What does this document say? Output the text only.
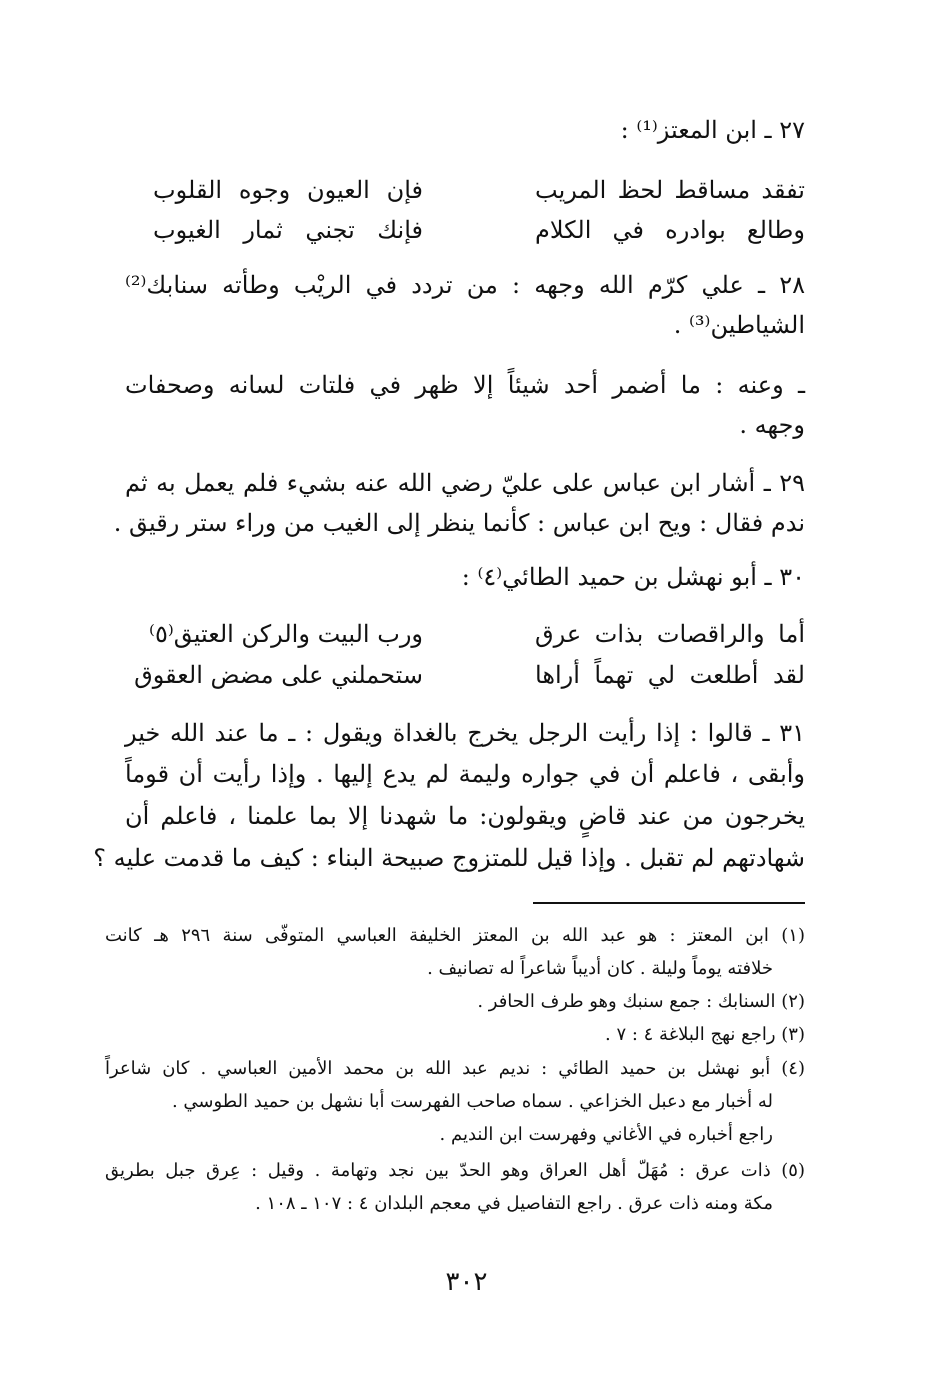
٢٧ ـ ابن المعتز⁽¹⁾ :
تفقد مساقط لحظ المريب
فإن العيون وجوه القلوب
وطالع بوادره في الكلام
فإنك تجني ثمار الغيوب
٢٨ ـ علي كرّم الله وجهه : من تردد في الريْب وطأته سنابك⁽²⁾
الشياطين⁽³⁾ .
ـ وعنه : ما أضمر أحد شيئاً إلا ظهر في فلتات لسانه وصحفات
وجهه .
٢٩ ـ أشار ابن عباس على عليّ رضي الله عنه بشيء فلم يعمل به ثم
ندم فقال : ويح ابن عباس : كأنما ينظر إلى الغيب من وراء ستر رقيق .
٣٠ ـ أبو نهشل بن حميد الطائي⁽٤⁾ :
أما والراقصات بذات عرق
ورب البيت والركن العتيق⁽٥⁾
لقد أطلعت لي تهماً أراها
ستحملني على مضض العقوق
٣١ ـ قالوا : إذا رأيت الرجل يخرج بالغداة ويقول : ـ ما عند الله خير
وأبقى ، فاعلم أن في جواره وليمة لم يدع إليها . وإذا رأيت أن قوماً
يخرجون من عند قاضٍ ويقولون: ما شهدنا إلا بما علمنا ، فاعلم أن
شهادتهم لم تقبل . وإذا قيل للمتزوج صبيحة البناء : كيف ما قدمت عليه ؟
(١) ابن المعتز : هو عبد الله بن المعتز الخليفة العباسي المتوفّى سنة ٢٩٦ هـ كانت
خلافته يوماً وليلة . كان أديباً شاعراً له تصانيف .
(٢) السنابك : جمع سنبك وهو طرف الحافر .
(٣) راجع نهج البلاغة ٤ : ٧ .
(٤) أبو نهشل بن حميد الطائي : نديم عبد الله بن محمد الأمين العباسي . كان شاعراً
له أخبار مع دعبل الخزاعي . سماه صاحب الفهرست أبا نشهل بن حميد الطوسي .
راجع أخباره في الأغاني وفهرست ابن النديم .
(٥) ذات عرق : مُهَلّ أهل العراق وهو الحدّ بين نجد وتهامة . وقيل : عِرق جبل بطريق
مكة ومنه ذات عرق . راجع التفاصيل في معجم البلدان ٤ : ١٠٧ ـ ١٠٨ .
٣٠٢
